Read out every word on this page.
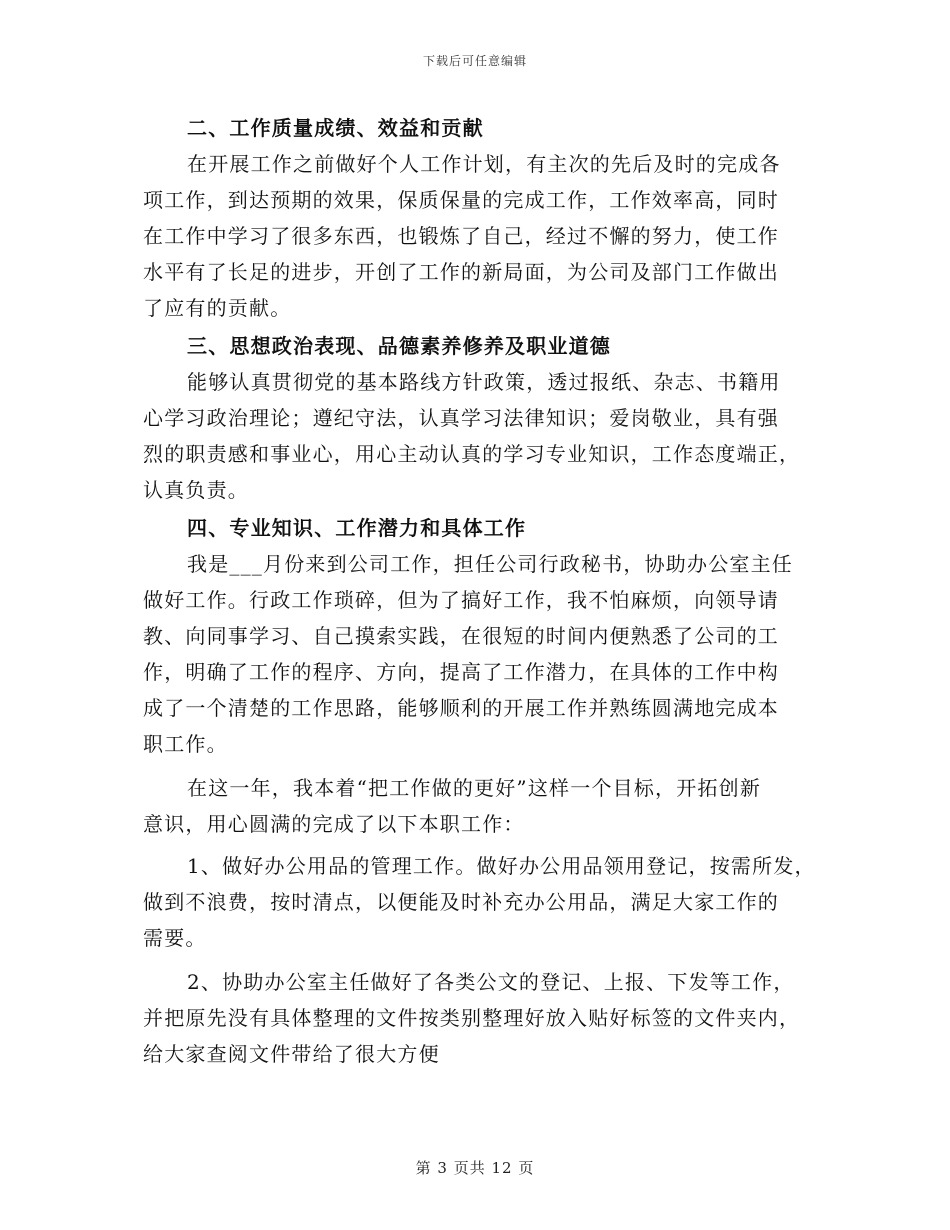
下载后可任意编辑
二、工作质量成绩、效益和贡献
在开展工作之前做好个人工作计划，有主次的先后及时的完成各
项工作，到达预期的效果，保质保量的完成工作，工作效率高，同时
在工作中学习了很多东西，也锻炼了自己，经过不懈的努力，使工作
水平有了长足的进步，开创了工作的新局面，为公司及部门工作做出
了应有的贡献。
三、思想政治表现、品德素养修养及职业道德
能够认真贯彻党的基本路线方针政策，透过报纸、杂志、书籍用
心学习政治理论；遵纪守法，认真学习法律知识；爱岗敬业，具有强
烈的职责感和事业心，用心主动认真的学习专业知识，工作态度端正，
认真负责。
四、专业知识、工作潜力和具体工作
我是___月份来到公司工作，担任公司行政秘书，协助办公室主任
做好工作。行政工作琐碎，但为了搞好工作，我不怕麻烦，向领导请
教、向同事学习、自己摸索实践，在很短的时间内便熟悉了公司的工
作，明确了工作的程序、方向，提高了工作潜力，在具体的工作中构
成了一个清楚的工作思路，能够顺利的开展工作并熟练圆满地完成本
职工作。
在这一年，我本着“把工作做的更好”这样一个目标，开拓创新
意识，用心圆满的完成了以下本职工作：
1、做好办公用品的管理工作。做好办公用品领用登记，按需所发，
做到不浪费，按时清点，以便能及时补充办公用品，满足大家工作的
需要。
2、协助办公室主任做好了各类公文的登记、上报、下发等工作，
并把原先没有具体整理的文件按类别整理好放入贴好标签的文件夹内，
给大家查阅文件带给了很大方便
第 3 页共 12 页
